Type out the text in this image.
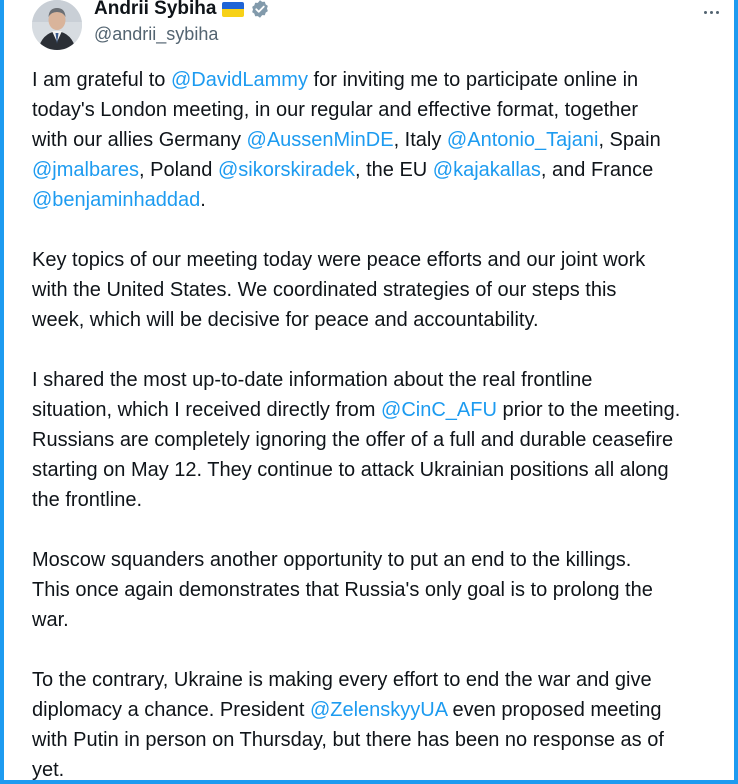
Andrii Sybiha
@andrii_sybiha

I am grateful to @DavidLammy for inviting me to participate online in
today's London meeting, in our regular and effective format, together
with our allies Germany @AussenMinDE, Italy @Antonio_Tajani, Spain
@jmalbares, Poland @sikorskiradek, the EU @kajakallas, and France
@benjaminhaddad.

Key topics of our meeting today were peace efforts and our joint work
with the United States. We coordinated strategies of our steps this
week, which will be decisive for peace and accountability.

I shared the most up-to-date information about the real frontline
situation, which I received directly from @CinC_AFU prior to the meeting.
Russians are completely ignoring the offer of a full and durable ceasefire
starting on May 12. They continue to attack Ukrainian positions all along
the frontline.

Moscow squanders another opportunity to put an end to the killings.
This once again demonstrates that Russia's only goal is to prolong the
war.

To the contrary, Ukraine is making every effort to end the war and give
diplomacy a chance. President @ZelenskyyUA even proposed meeting
with Putin in person on Thursday, but there has been no response as of
yet.
